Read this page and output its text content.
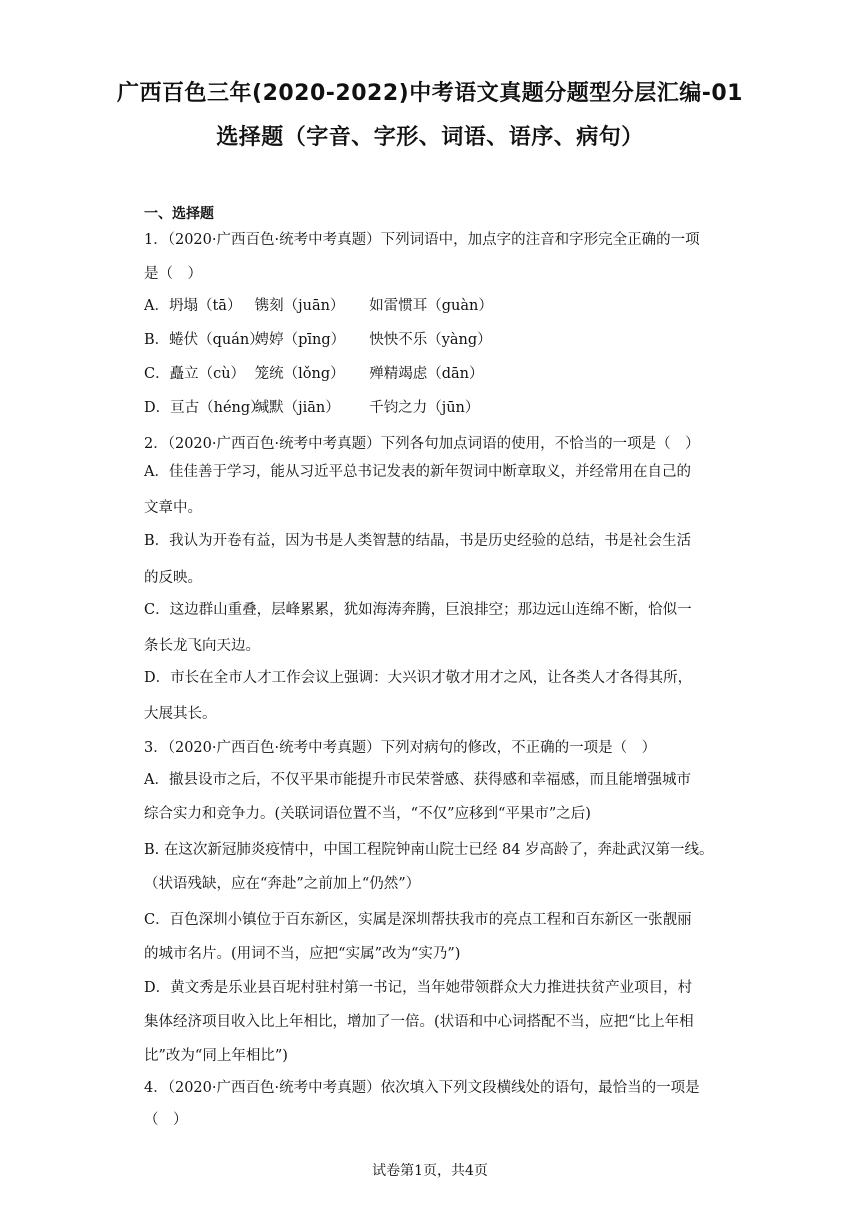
广西百色三年(2020-2022)中考语文真题分题型分层汇编-01
选择题（字音、字形、词语、语序、病句）
一、选择题
1．（2020·广西百色·统考中考真题）下列词语中，加点字的注音和字形完全正确的一项
是（　）
A．坍塌（tā） 镌刻（juān） 如雷惯耳（guàn）
B．蜷伏（quán） 娉婷（pīng） 怏怏不乐（yàng）
C．矗立（cù） 笼统（lǒng） 殚精竭虑（dān）
D．亘古（héng） 缄默（jiān） 千钧之力（jūn）
2．（2020·广西百色·统考中考真题）下列各句加点词语的使用，不恰当的一项是（　）
A．佳佳善于学习，能从习近平总书记发表的新年贺词中断章取义，并经常用在自己的
文章中。
B．我认为开卷有益，因为书是人类智慧的结晶，书是历史经验的总结，书是社会生活
的反映。
C．这边群山重叠，层峰累累，犹如海涛奔腾，巨浪排空；那边远山连绵不断，恰似一
条长龙飞向天边。
D．市长在全市人才工作会议上强调：大兴识才敬才用才之风，让各类人才各得其所，
大展其长。
3．（2020·广西百色·统考中考真题）下列对病句的修改，不正确的一项是（　）
A．撤县设市之后，不仅平果市能提升市民荣誉感、获得感和幸福感，而且能增强城市
综合实力和竞争力。(关联词语位置不当，“不仅”应移到“平果市”之后)
B. 在这次新冠肺炎疫情中，中国工程院钟南山院士已经 84 岁高龄了，奔赴武汉第一线。
（状语残缺，应在“奔赴”之前加上“仍然”）
C．百色深圳小镇位于百东新区，实属是深圳帮扶我市的亮点工程和百东新区一张靓丽
的城市名片。(用词不当，应把“实属”改为“实乃”)
D．黄文秀是乐业县百坭村驻村第一书记，当年她带领群众大力推进扶贫产业项目，村
集体经济项目收入比上年相比，增加了一倍。(状语和中心词搭配不当，应把“比上年相
比”改为“同上年相比”)
4．（2020·广西百色·统考中考真题）依次填入下列文段横线处的语句，最恰当的一项是
（　）
试卷第1页，共4页
